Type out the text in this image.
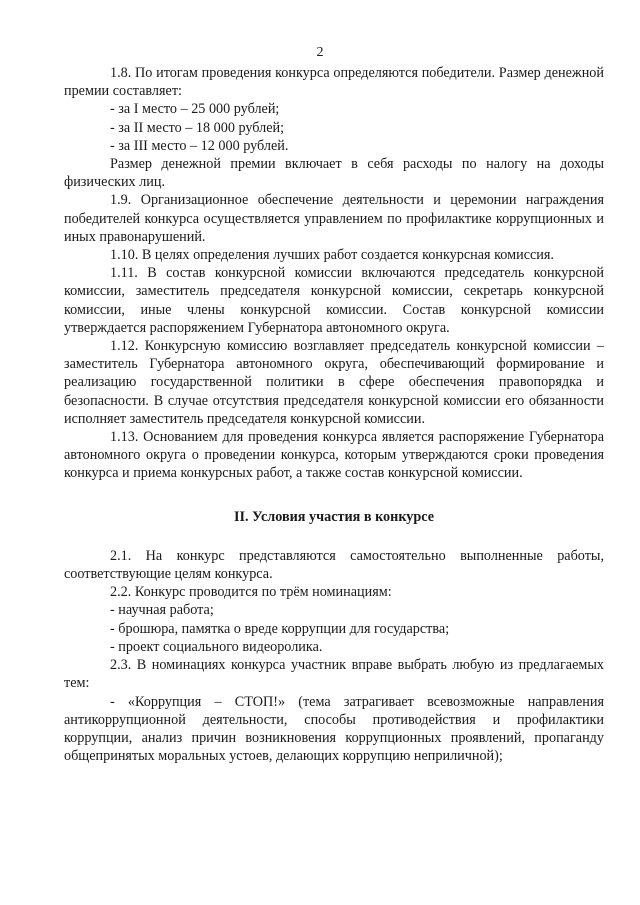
2

1.8. По итогам проведения конкурса определяются победители. Размер денежной премии составляет:

- за I место – 25 000 рублей;

- за II место – 18 000 рублей;

- за III место – 12 000 рублей.

Размер денежной премии включает в себя расходы по налогу на доходы физических лиц.

1.9. Организационное обеспечение деятельности и церемонии награждения победителей конкурса осуществляется управлением по профилактике коррупционных и иных правонарушений.

1.10. В целях определения лучших работ создается конкурсная комиссия.

1.11. В состав конкурсной комиссии включаются председатель конкурсной комиссии, заместитель председателя конкурсной комиссии, секретарь конкурсной комиссии, иные члены конкурсной комиссии. Состав конкурсной комиссии утверждается распоряжением Губернатора автономного округа.

1.12. Конкурсную комиссию возглавляет председатель конкурсной комиссии – заместитель Губернатора автономного округа, обеспечивающий формирование и реализацию государственной политики в сфере обеспечения правопорядка и безопасности. В случае отсутствия председателя конкурсной комиссии его обязанности исполняет заместитель председателя конкурсной комиссии.

1.13. Основанием для проведения конкурса является распоряжение Губернатора автономного округа о проведении конкурса, которым утверждаются сроки проведения конкурса и приема конкурсных работ, а также состав конкурсной комиссии.

II. Условия участия в конкурсе

2.1. На конкурс представляются самостоятельно выполненные работы, соответствующие целям конкурса.

2.2. Конкурс проводится по трём номинациям:

- научная работа;

- брошюра, памятка о вреде коррупции для государства;

- проект социального видеоролика.

2.3. В номинациях конкурса участник вправе выбрать любую из предлагаемых тем:

- «Коррупция – СТОП!» (тема затрагивает всевозможные направления антикоррупционной деятельности, способы противодействия и профилактики коррупции, анализ причин возникновения коррупционных проявлений, пропаганду общепринятых моральных устоев, делающих коррупцию неприличной);
